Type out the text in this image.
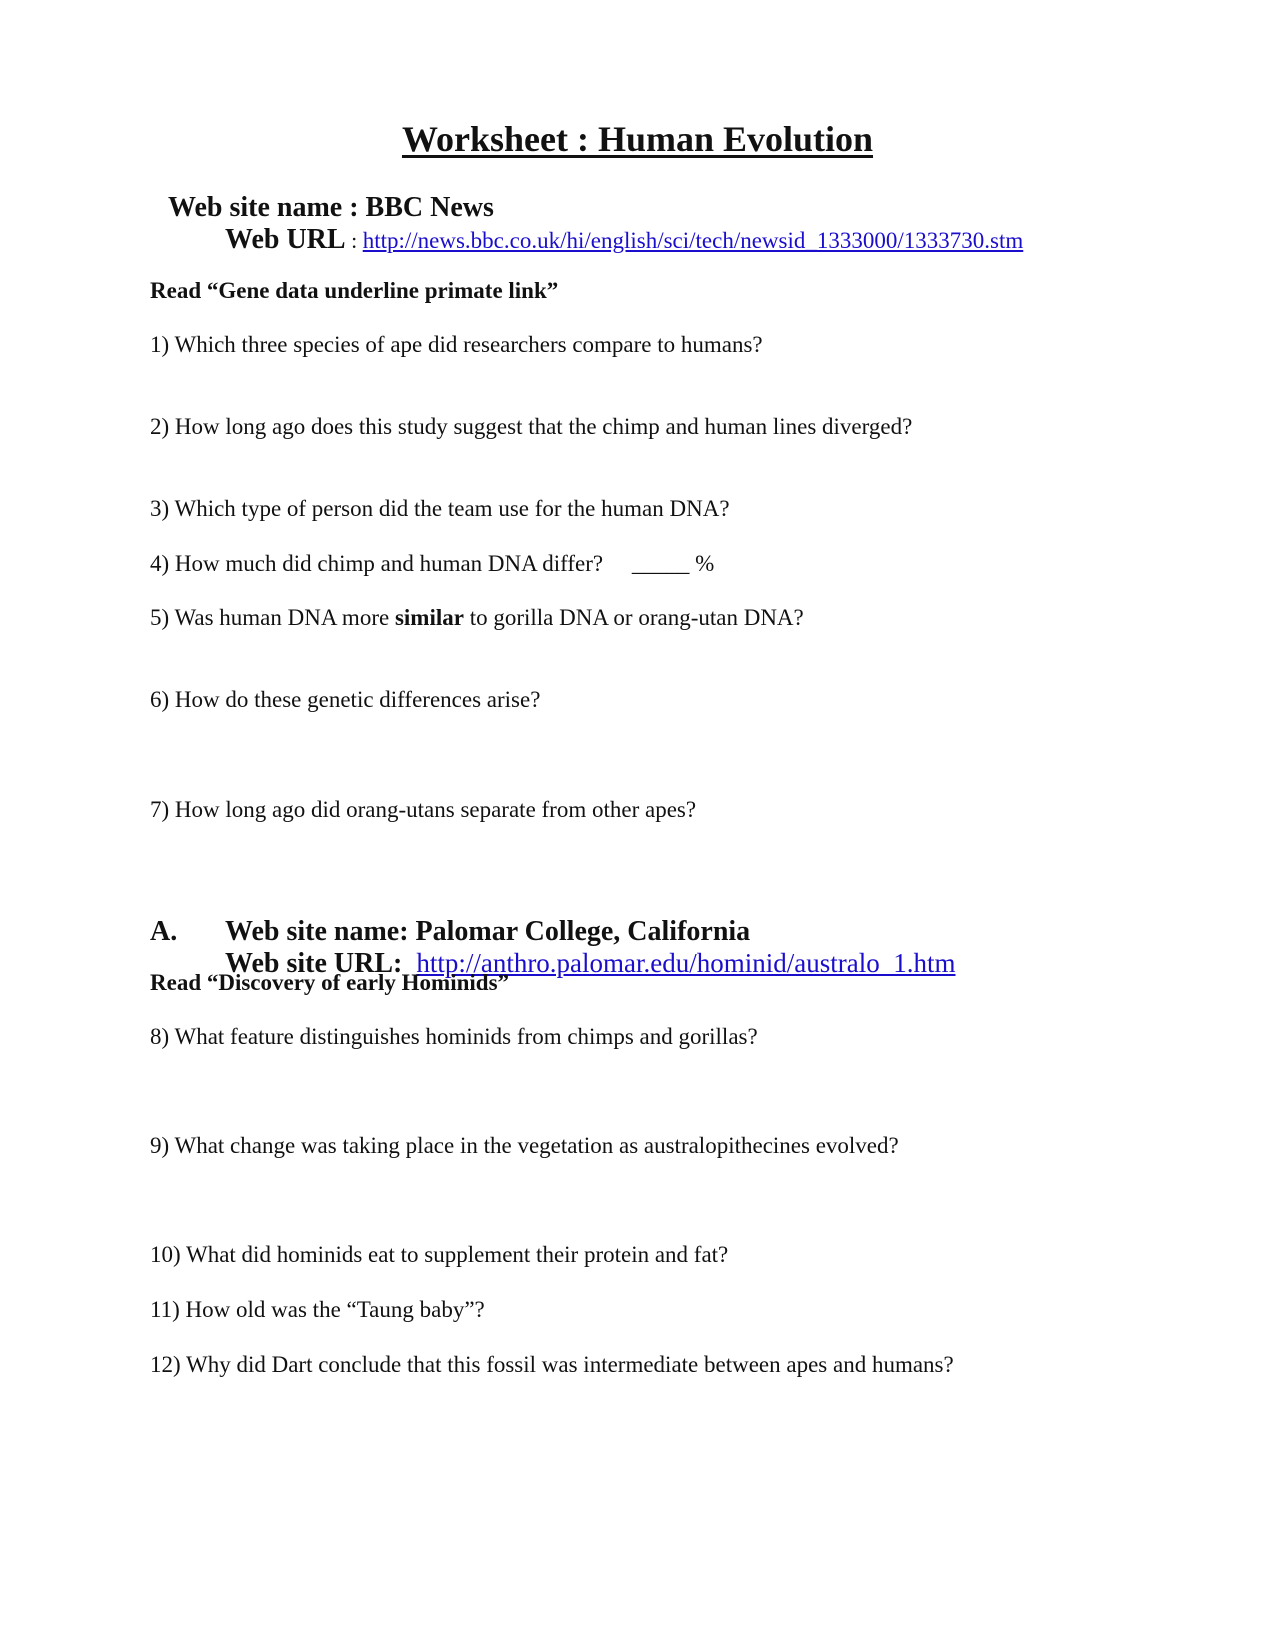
Worksheet : Human Evolution
Web site name : BBC News
Web URL : http://news.bbc.co.uk/hi/english/sci/tech/newsid_1333000/1333730.stm
Read “Gene data underline primate link”
1) Which three species of ape did researchers compare to humans?
2) How long ago does this study suggest that the chimp and human lines diverged?
3) Which type of person did the team use for the human DNA?
4) How much did chimp and human DNA differ?     _____ %
5) Was human DNA more similar to gorilla DNA or orang-utan DNA?
6) How do these genetic differences arise?
7) How long ago did orang-utans separate from other apes?
A. Web site name: Palomar College, California
Web site URL: http://anthro.palomar.edu/hominid/australo_1.htm
Read “Discovery of early Hominids”
8) What feature distinguishes hominids from chimps and gorillas?
9) What change was taking place in the vegetation as australopithecines evolved?
10) What did hominids eat to supplement their protein and fat?
11) How old was the “Taung baby”?
12) Why did Dart conclude that this fossil was intermediate between apes and humans?
